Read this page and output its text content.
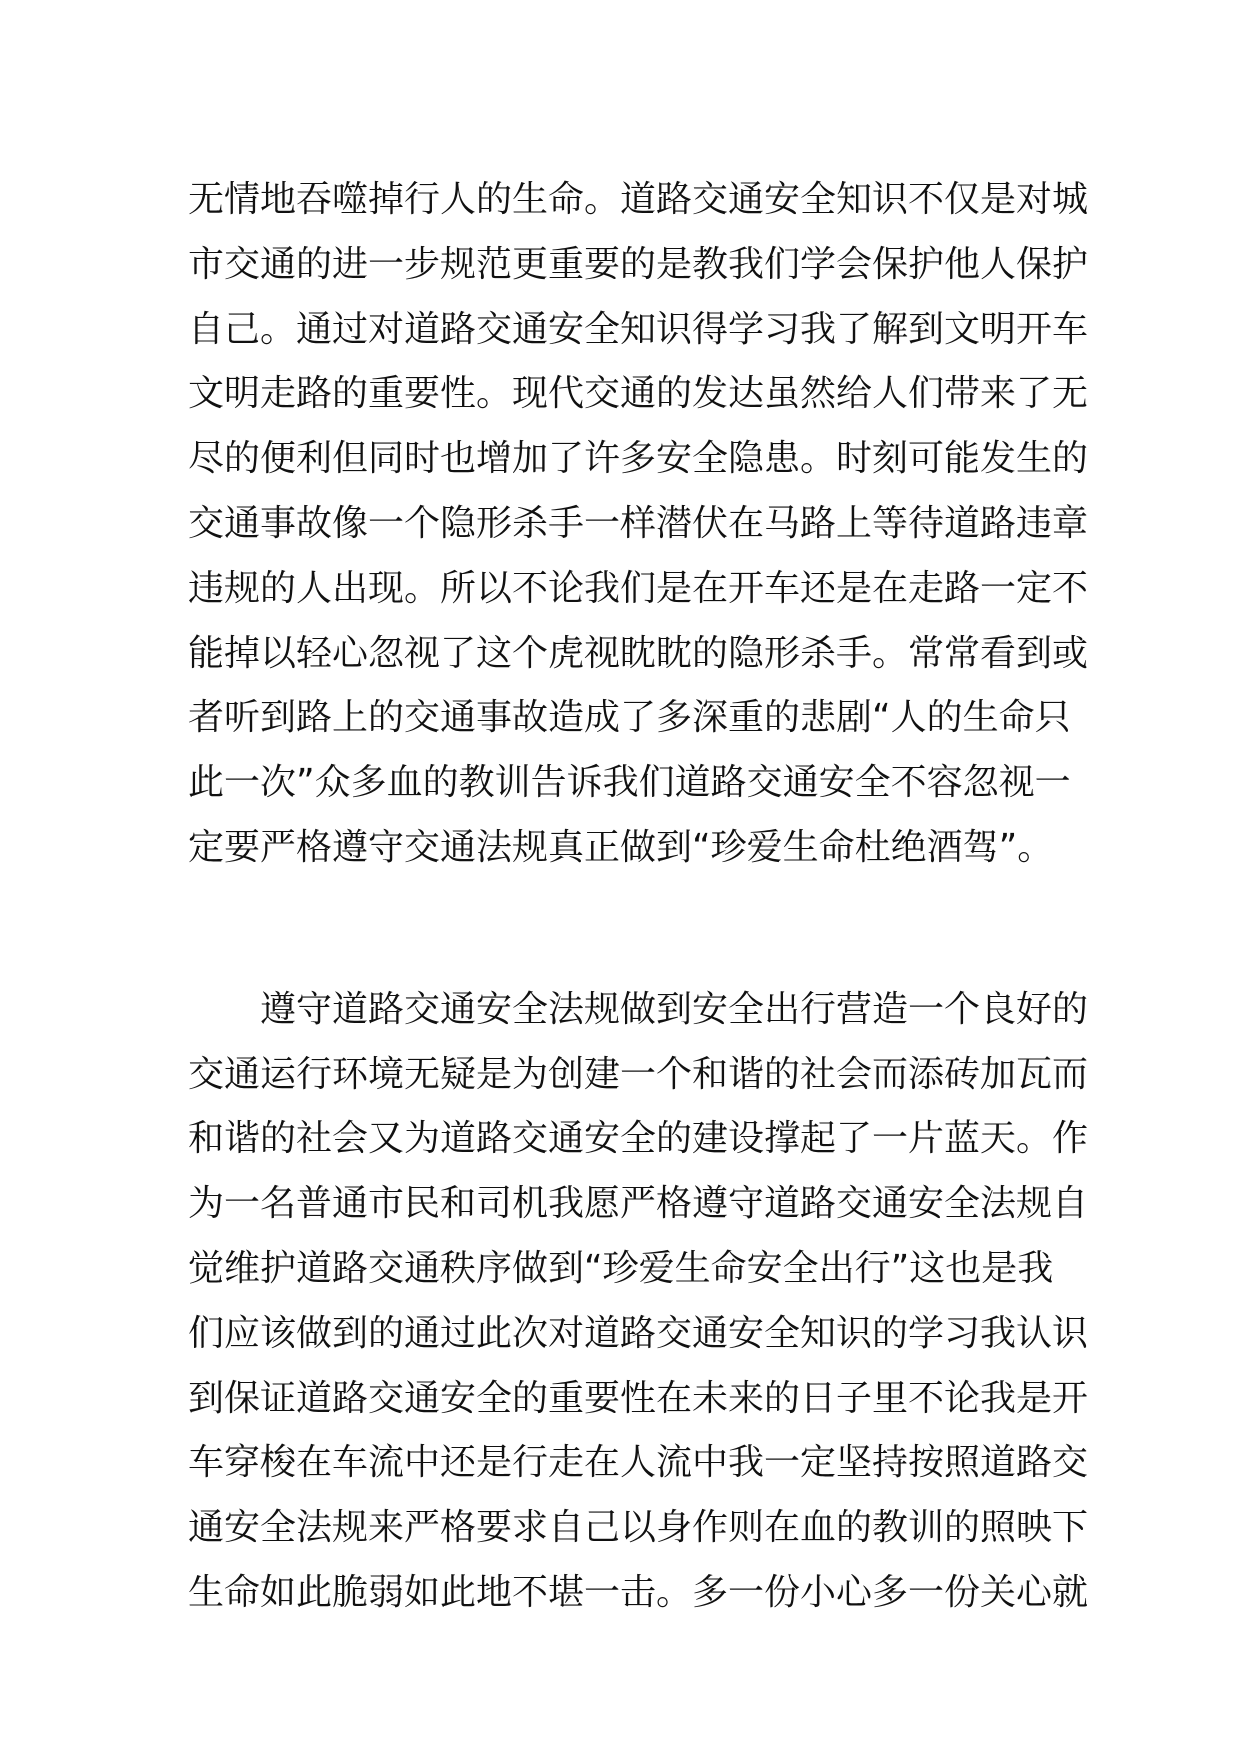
无情地吞噬掉行人的生命。道路交通安全知识不仅是对城
市交通的进一步规范更重要的是教我们学会保护他人保护
自己。通过对道路交通安全知识得学习我了解到文明开车
文明走路的重要性。现代交通的发达虽然给人们带来了无
尽的便利但同时也增加了许多安全隐患。时刻可能发生的
交通事故像一个隐形杀手一样潜伏在马路上等待道路违章
违规的人出现。所以不论我们是在开车还是在走路一定不
能掉以轻心忽视了这个虎视眈眈的隐形杀手。常常看到或
者听到路上的交通事故造成了多深重的悲剧“人的生命只
此一次”众多血的教训告诉我们道路交通安全不容忽视一
定要严格遵守交通法规真正做到“珍爱生命杜绝酒驾”。
遵守道路交通安全法规做到安全出行营造一个良好的
交通运行环境无疑是为创建一个和谐的社会而添砖加瓦而
和谐的社会又为道路交通安全的建设撑起了一片蓝天。作
为一名普通市民和司机我愿严格遵守道路交通安全法规自
觉维护道路交通秩序做到“珍爱生命安全出行”这也是我
们应该做到的通过此次对道路交通安全知识的学习我认识
到保证道路交通安全的重要性在未来的日子里不论我是开
车穿梭在车流中还是行走在人流中我一定坚持按照道路交
通安全法规来严格要求自己以身作则在血的教训的照映下
生命如此脆弱如此地不堪一击。多一份小心多一份关心就
